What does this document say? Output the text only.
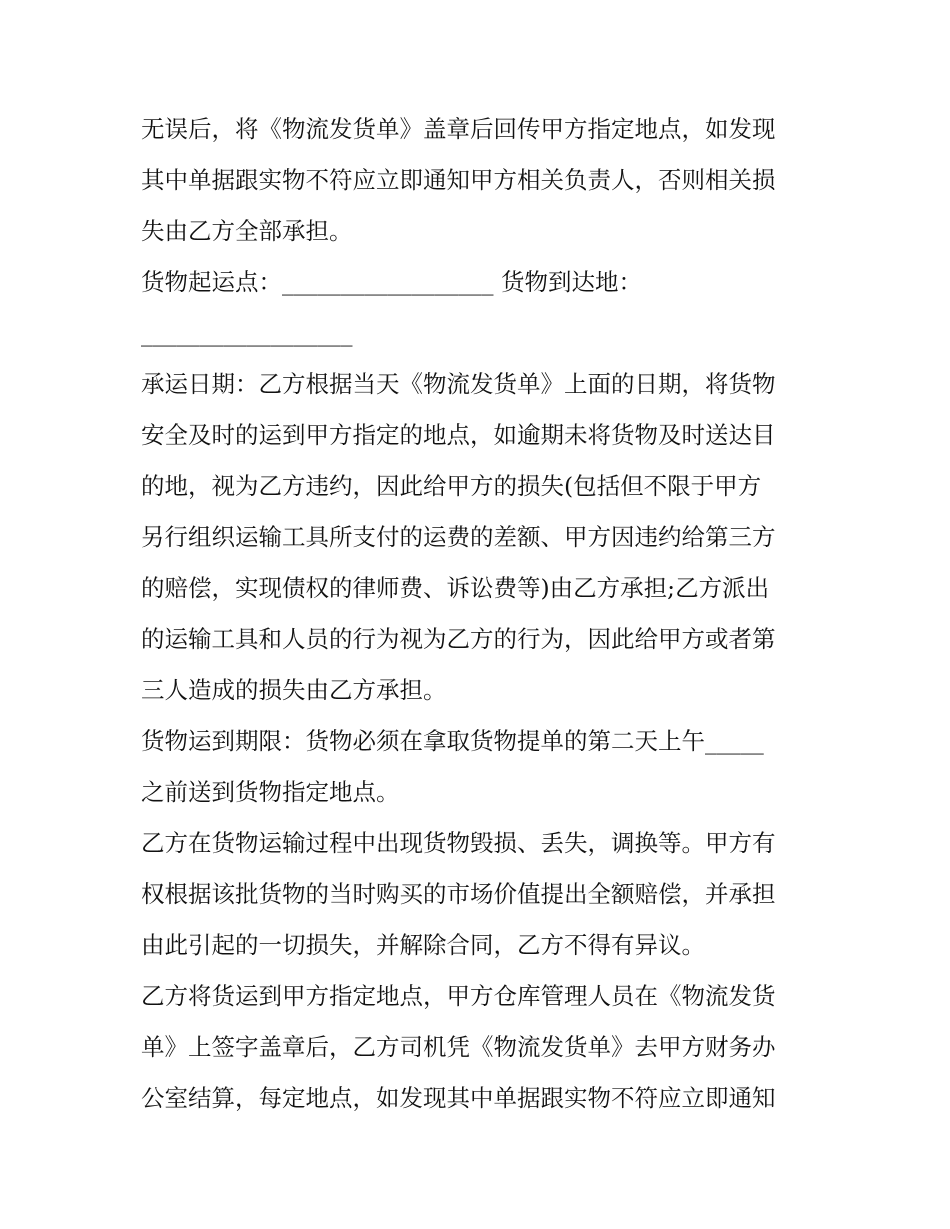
无误后，将《物流发货单》盖章后回传甲方指定地点，如发现
其中单据跟实物不符应立即通知甲方相关负责人，否则相关损
失由乙方全部承担。
货物起运点：__________________ 货物到达地：
__________________
承运日期：乙方根据当天《物流发货单》上面的日期，将货物
安全及时的运到甲方指定的地点，如逾期未将货物及时送达目
的地，视为乙方违约，因此给甲方的损失(包括但不限于甲方
另行组织运输工具所支付的运费的差额、甲方因违约给第三方
的赔偿，实现债权的律师费、诉讼费等)由乙方承担;乙方派出
的运输工具和人员的行为视为乙方的行为，因此给甲方或者第
三人造成的损失由乙方承担。
货物运到期限：货物必须在拿取货物提单的第二天上午_____
之前送到货物指定地点。
乙方在货物运输过程中出现货物毁损、丢失，调换等。甲方有
权根据该批货物的当时购买的市场价值提出全额赔偿，并承担
由此引起的一切损失，并解除合同，乙方不得有异议。
乙方将货运到甲方指定地点，甲方仓库管理人员在《物流发货
单》上签字盖章后，乙方司机凭《物流发货单》去甲方财务办
公室结算，每定地点，如发现其中单据跟实物不符应立即通知
